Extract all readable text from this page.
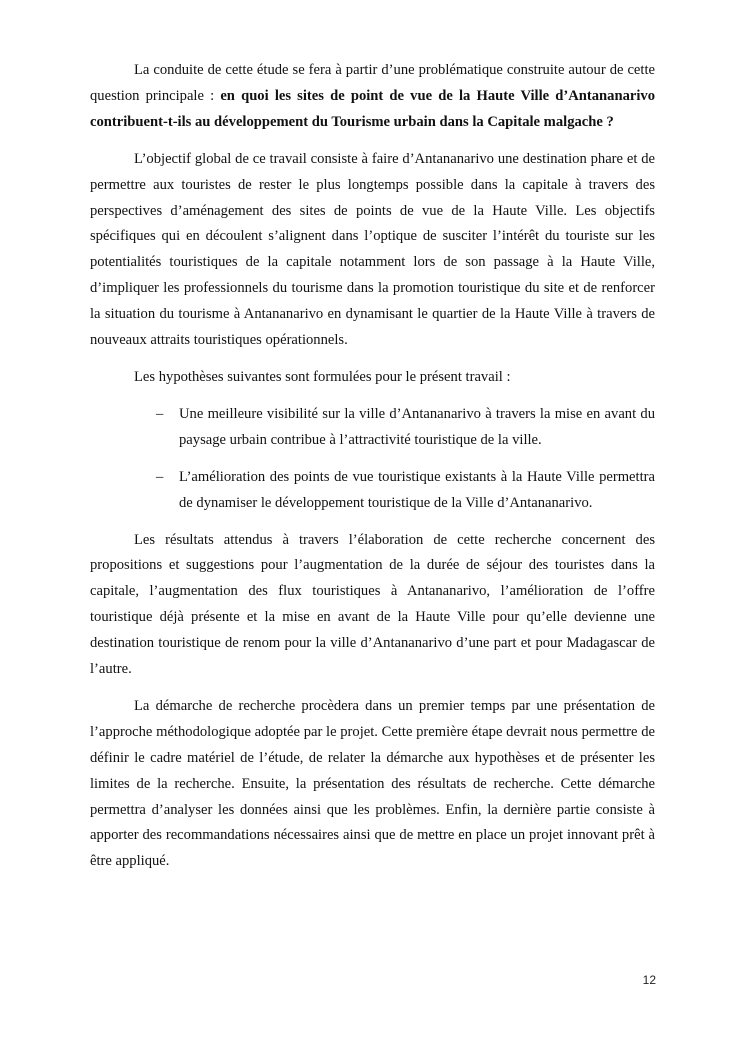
La conduite de cette étude se fera à partir d’une problématique construite autour de cette question principale : en quoi les sites de point de vue de la Haute Ville d’Antananarivo contribuent-t-ils au développement du Tourisme urbain dans la Capitale malgache ?

L’objectif global de ce travail consiste à faire d’Antananarivo une destination phare et de permettre aux touristes de rester le plus longtemps possible dans la capitale à travers des perspectives d’aménagement des sites de points de vue de la Haute Ville. Les objectifs spécifiques qui en découlent s’alignent dans l’optique de susciter l’intérêt du touriste sur les potentialités touristiques de la capitale notamment lors de son passage à la Haute Ville, d’impliquer les professionnels du tourisme dans la promotion touristique du site et de renforcer la situation du tourisme à Antananarivo en dynamisant le quartier de la Haute Ville à travers de nouveaux attraits touristiques opérationnels.

Les hypothèses suivantes sont formulées pour le présent travail :

– Une meilleure visibilité sur la ville d’Antananarivo à travers la mise en avant du paysage urbain contribue à l’attractivité touristique de la ville.
– L’amélioration des points de vue touristique existants à la Haute Ville permettra de dynamiser le développement touristique de la Ville d’Antananarivo.

Les résultats attendus à travers l’élaboration de cette recherche concernent des propositions et suggestions pour l’augmentation de la durée de séjour des touristes dans la capitale, l’augmentation des flux touristiques à Antananarivo, l’amélioration de l’offre touristique déjà présente et la mise en avant de la Haute Ville pour qu’elle devienne une destination touristique de renom pour la ville d’Antananarivo d’une part et pour Madagascar de l’autre.

La démarche de recherche procèdera dans un premier temps par une présentation de l’approche méthodologique adoptée par le projet. Cette première étape devrait nous permettre de définir le cadre matériel de l’étude, de relater la démarche aux hypothèses et de présenter les limites de la recherche. Ensuite, la présentation des résultats de recherche. Cette démarche permettra d’analyser les données ainsi que les problèmes. Enfin, la dernière partie consiste à apporter des recommandations nécessaires ainsi que de mettre en place un projet innovant prêt à être appliqué.

12
